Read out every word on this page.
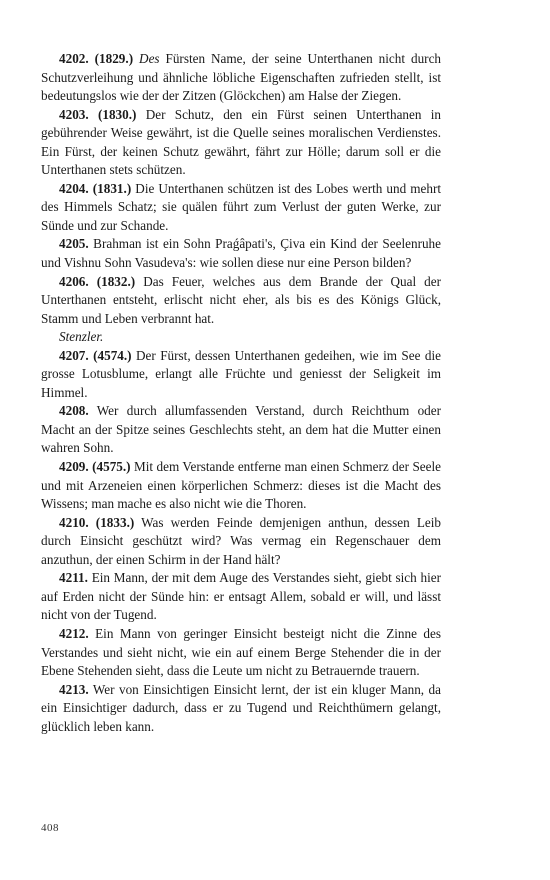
4202. (1829.) Des Fürsten Name, der seine Unterthanen nicht durch Schutzverleihung und ähnliche löbliche Eigenschaften zufrieden stellt, ist bedeutungslos wie der der Zitzen (Glöckchen) am Halse der Ziegen.

4203. (1830.) Der Schutz, den ein Fürst seinen Unterthanen in gebührender Weise gewährt, ist die Quelle seines moralischen Verdienstes. Ein Fürst, der keinen Schutz gewährt, fährt zur Hölle; darum soll er die Unterthanen stets schützen.

4204. (1831.) Die Unterthanen schützen ist des Lobes werth und mehrt des Himmels Schatz; sie quälen führt zum Verlust der guten Werke, zur Sünde und zur Schande.

4205. Brahman ist ein Sohn Praǵâpati's, Çiva ein Kind der Seelenruhe und Vishnu Sohn Vasudeva's: wie sollen diese nur eine Person bilden?

4206. (1832.) Das Feuer, welches aus dem Brande der Qual der Unterthanen entsteht, erlischt nicht eher, als bis es des Königs Glück, Stamm und Leben verbrannt hat.

Stenzler.

4207. (4574.) Der Fürst, dessen Unterthanen gedeihen, wie im See die grosse Lotusblume, erlangt alle Früchte und geniesst der Seligkeit im Himmel.

4208. Wer durch allumfassenden Verstand, durch Reichthum oder Macht an der Spitze seines Geschlechts steht, an dem hat die Mutter einen wahren Sohn.

4209. (4575.) Mit dem Verstande entferne man einen Schmerz der Seele und mit Arzeneien einen körperlichen Schmerz: dieses ist die Macht des Wissens; man mache es also nicht wie die Thoren.

4210. (1833.) Was werden Feinde demjenigen anthun, dessen Leib durch Einsicht geschützt wird? Was vermag ein Regenschauer dem anzuthun, der einen Schirm in der Hand hält?

4211. Ein Mann, der mit dem Auge des Verstandes sieht, giebt sich hier auf Erden nicht der Sünde hin: er entsagt Allem, sobald er will, und lässt nicht von der Tugend.

4212. Ein Mann von geringer Einsicht besteigt nicht die Zinne des Verstandes und sieht nicht, wie ein auf einem Berge Stehender die in der Ebene Stehenden sieht, dass die Leute um nicht zu Betrauernde trauern.

4213. Wer von Einsichtigen Einsicht lernt, der ist ein kluger Mann, da ein Einsichtiger dadurch, dass er zu Tugend und Reichthümern gelangt, glücklich leben kann.

408
